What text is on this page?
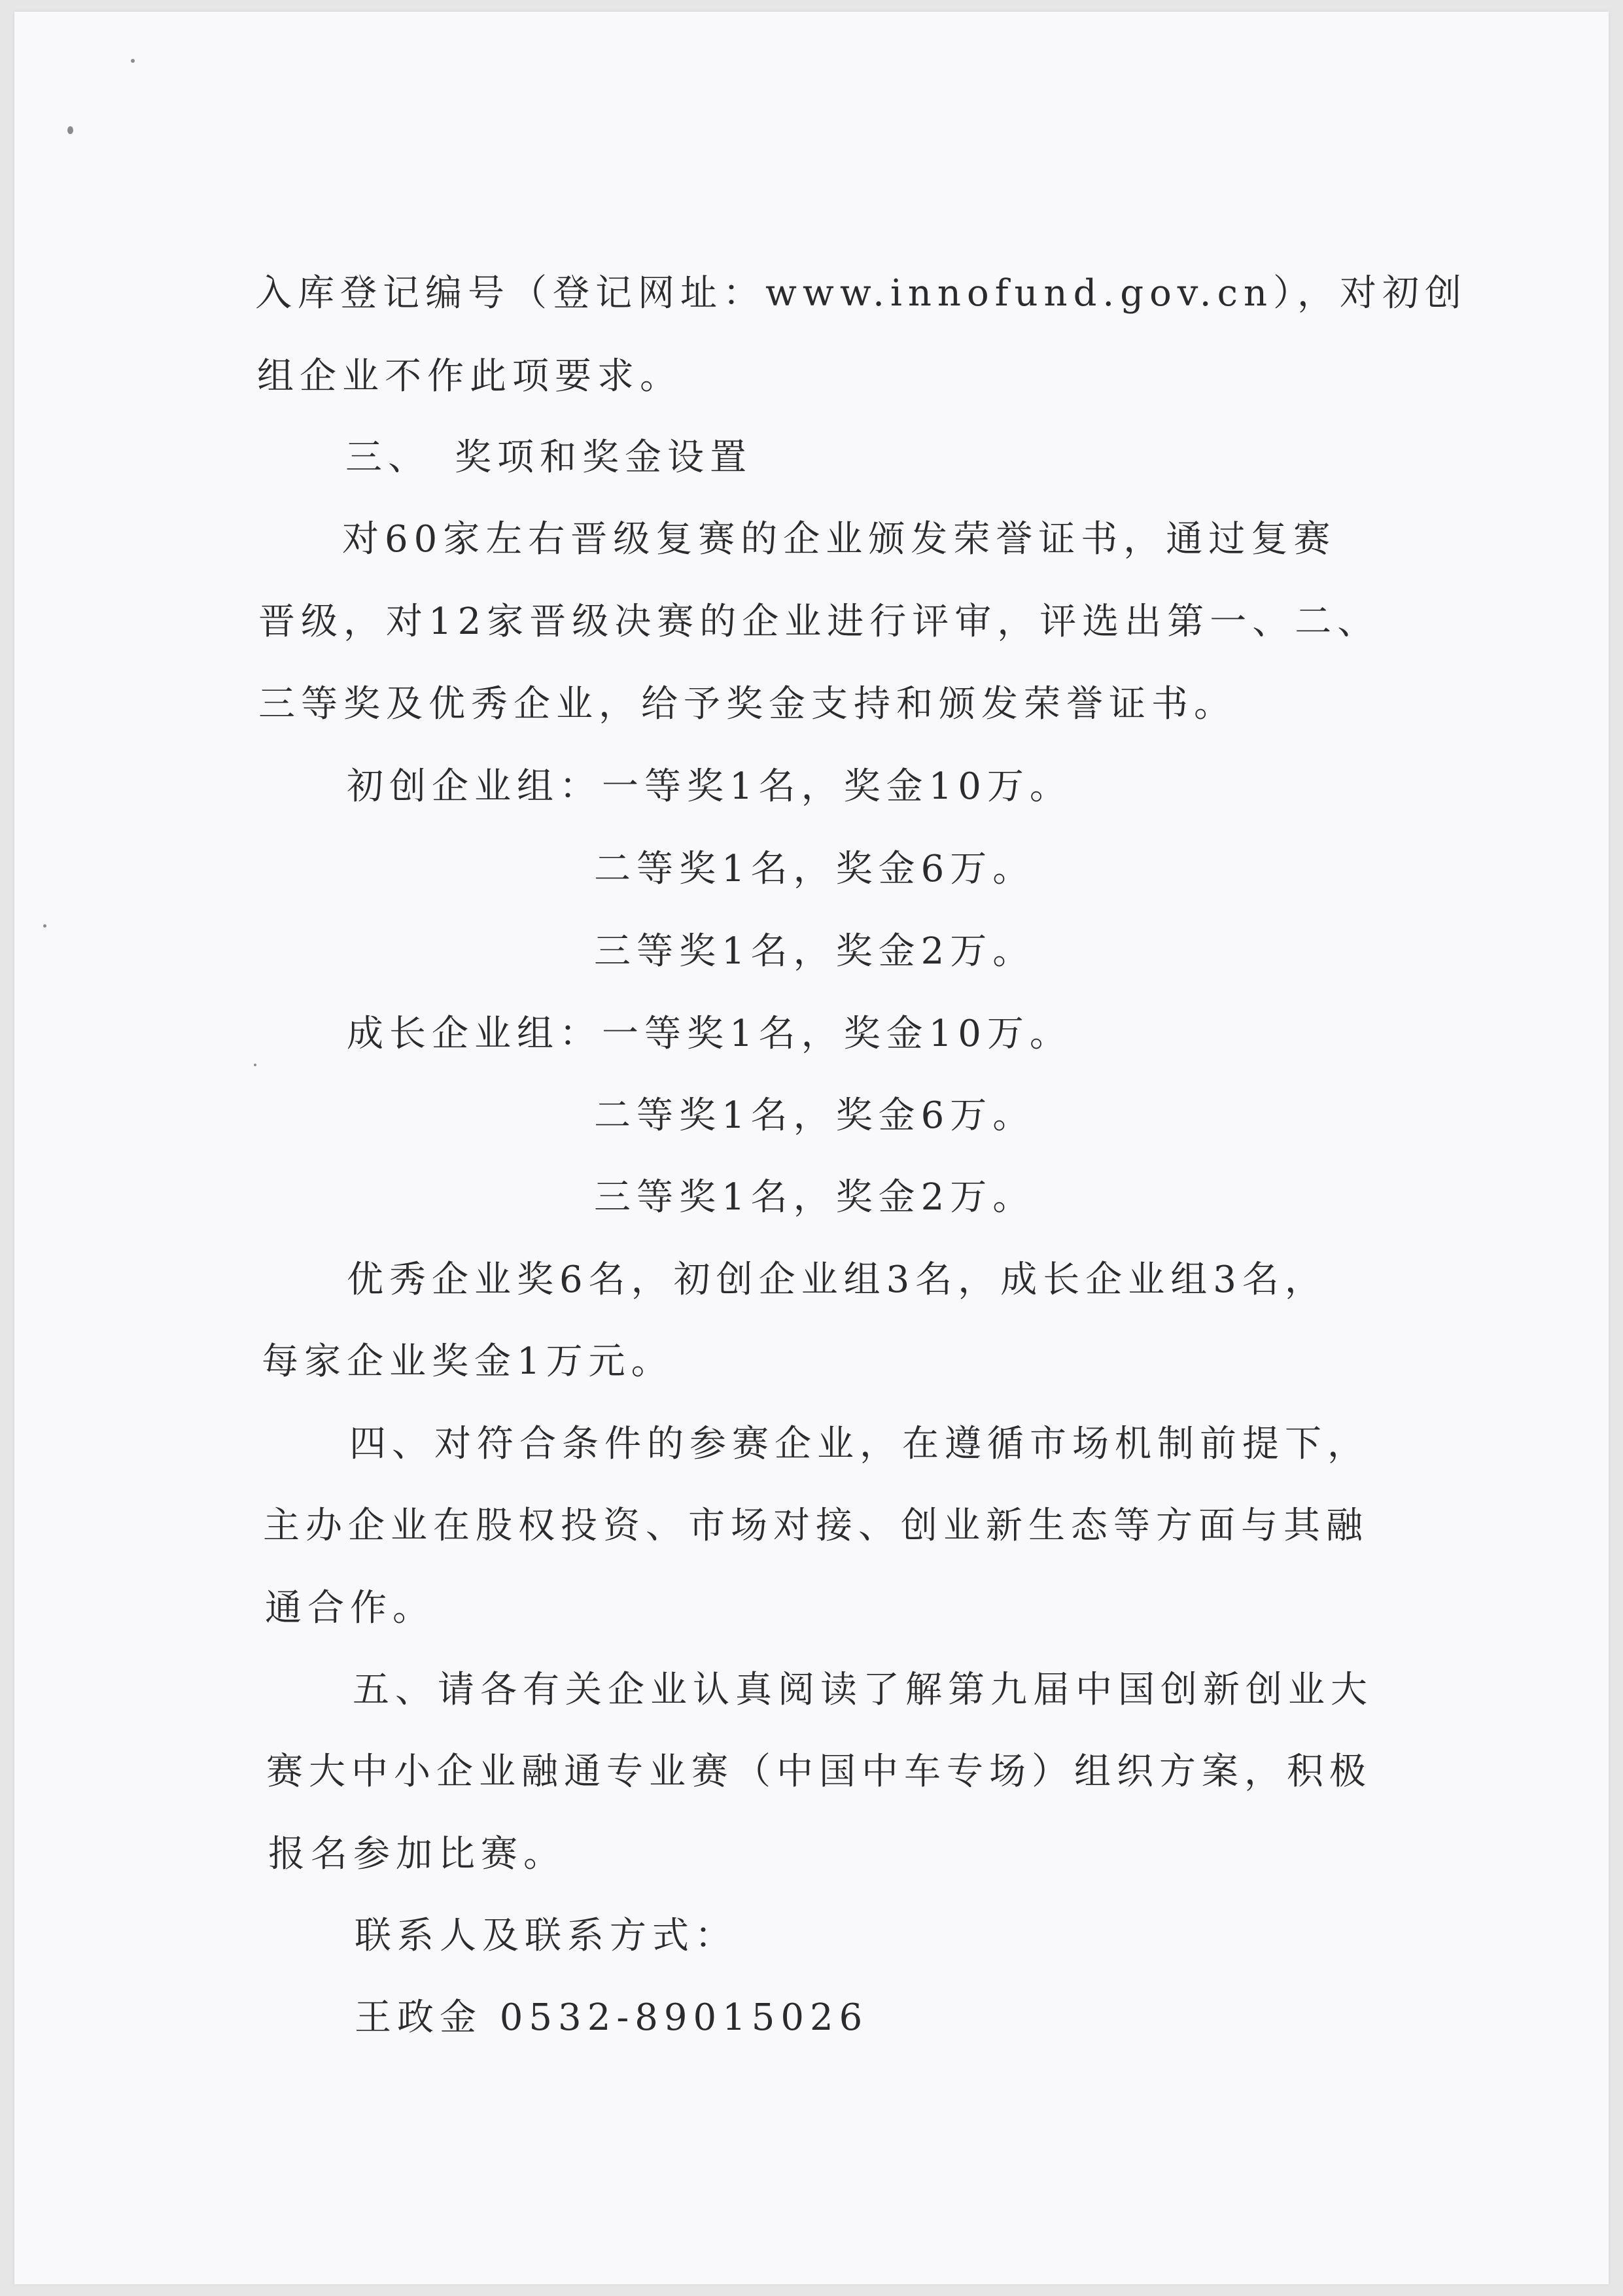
入库登记编号（登记网址：www.innofund.gov.cn），对初创
组企业不作此项要求。
三、　奖项和奖金设置
对60家左右晋级复赛的企业颁发荣誉证书，通过复赛
晋级，对12家晋级决赛的企业进行评审，评选出第一、二、
三等奖及优秀企业，给予奖金支持和颁发荣誉证书。
初创企业组：一等奖1名，奖金10万。
二等奖1名，奖金6万。
三等奖1名，奖金2万。
成长企业组：一等奖1名，奖金10万。
二等奖1名，奖金6万。
三等奖1名，奖金2万。
优秀企业奖6名，初创企业组3名，成长企业组3名，
每家企业奖金1万元。
四、对符合条件的参赛企业，在遵循市场机制前提下，
主办企业在股权投资、市场对接、创业新生态等方面与其融
通合作。
五、请各有关企业认真阅读了解第九届中国创新创业大
赛大中小企业融通专业赛（中国中车专场）组织方案，积极
报名参加比赛。
联系人及联系方式：
王政金 0532-89015026
